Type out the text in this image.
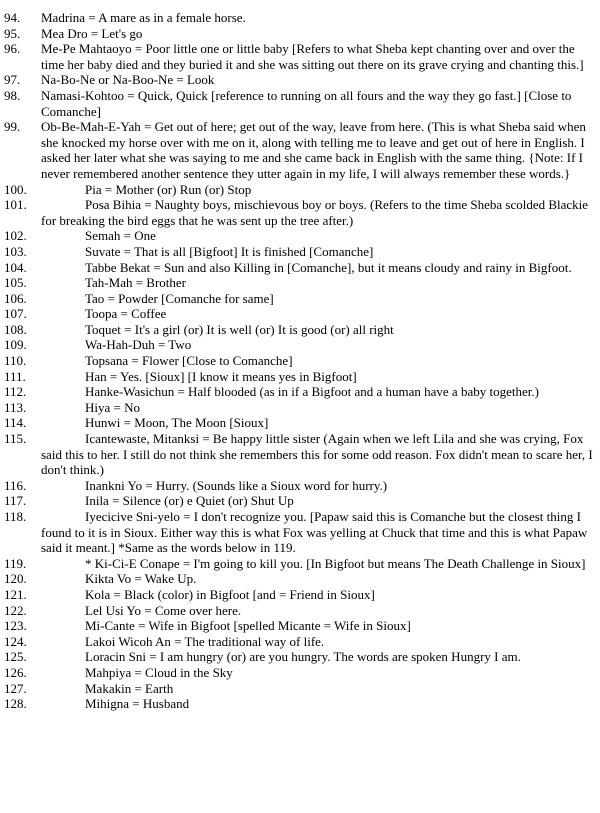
94.	Madrina = A mare as in a female horse.

95.	Mea Dro = Let's go

96.	Me-Pe Mahtaoyo = Poor little one or little baby [Refers to what Sheba kept chanting over and over the time her baby died and they buried it and she was sitting out there on its grave crying and chanting this.]

97.	Na-Bo-Ne or Na-Boo-Ne = Look

98.	Namasi-Kohtoo = Quick, Quick [reference to running on all fours and the way they go fast.] [Close to Comanche]

99.	Ob-Be-Mah-E-Yah = Get out of here; get out of the way, leave from here. (This is what Sheba said when she knocked my horse over with me on it, along with telling me to leave and get out of here in English. I asked her later what she was saying to me and she came back in English with the same thing. {Note: If I never remembered another sentence they utter again in my life, I will always remember these words.}

100.	Pia = Mother (or) Run (or) Stop

101.	Posa Bihia = Naughty boys, mischievous boy or boys. (Refers to the time Sheba scolded Blackie for breaking the bird eggs that he was sent up the tree after.)

102.	Semah = One

103.	Suvate = That is all [Bigfoot] It is finished [Comanche]

104.	Tabbe Bekat = Sun and also Killing in [Comanche], but it means cloudy and rainy in Bigfoot.

105.	Tah-Mah = Brother

106.	Tao = Powder [Comanche for same]

107.	Toopa = Coffee

108.	Toquet = It's a girl (or) It is well (or) It is good (or) all right

109.	Wa-Hah-Duh = Two

110.	Topsana = Flower [Close to Comanche]

111.	Han = Yes. [Sioux] [I know it means yes in Bigfoot]

112.	Hanke-Wasichun = Half blooded (as in if a Bigfoot and a human have a baby together.)

113.	Hiya = No

114.	Hunwi = Moon, The Moon [Sioux]

115.	Icantewaste, Mitanksi = Be happy little sister (Again when we left Lila and she was crying, Fox said this to her. I still do not think she remembers this for some odd reason. Fox didn't mean to scare her, I don't think.)

116.	Inankni Yo = Hurry. (Sounds like a Sioux word for hurry.)

117.	Inila = Silence (or) e Quiet (or) Shut Up

118.	Iyecicive Sni-yelo = I don't recognize you. [Papaw said this is Comanche but the closest thing I found to it is in Sioux. Either way this is what Fox was yelling at Chuck that time and this is what Papaw said it meant.] *Same as the words below in 119.

119.	* Ki-Ci-E Conape = I'm going to kill you. [In Bigfoot but means The Death Challenge in Sioux]

120.	Kikta Vo = Wake Up.

121.	Kola = Black (color) in Bigfoot [and = Friend in Sioux]

122.	Lel Usi Yo = Come over here.

123.	Mi-Cante = Wife in Bigfoot [spelled Micante = Wife in Sioux]

124.	Lakoi Wicoh An = The traditional way of life.

125.	Loracin Sni = I am hungry (or) are you hungry. The words are spoken Hungry I am.

126.	Mahpiya = Cloud in the Sky

127.	Makakin = Earth

128.	Mihigna = Husband
